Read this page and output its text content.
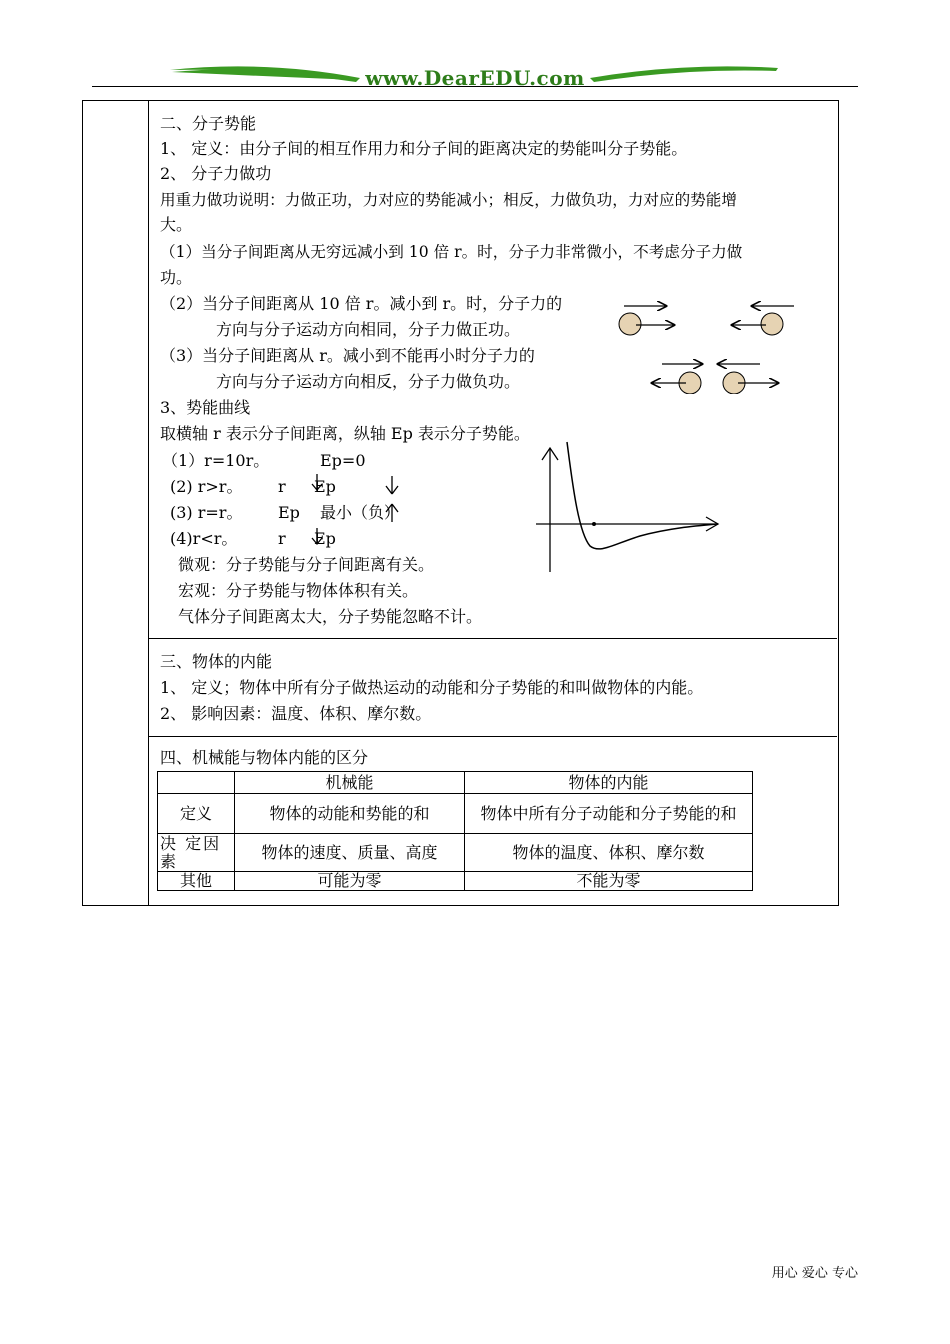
www.DearEDU.com
二、分子势能
1、 定义：由分子间的相互作用力和分子间的距离决定的势能叫分子势能。
2、 分子力做功
用重力做功说明：力做正功，力对应的势能减小；相反，力做负功，力对应的势能增
大。
（1）当分子间距离从无穷远减小到 10 倍 r。时，分子力非常微小，不考虑分子力做
功。
（2）当分子间距离从 10 倍 r。减小到 r。时，分子力的
方向与分子运动方向相同，分子力做正功。
（3）当分子间距离从 r。减小到不能再小时分子力的
方向与分子运动方向相反，分子力做负功。
3、势能曲线
取横轴 r 表示分子间距离，纵轴 Ep 表示分子势能。
（1）r=10r。	Ep=0
(2) r>r。 r Ep
(3) r=r。 Ep 最小（负）
(4)r<r。	r Ep
微观：分子势能与分子间距离有关。
宏观：分子势能与物体体积有关。
气体分子间距离太大，分子势能忽略不计。
三、物体的内能
1、 定义；物体中所有分子做热运动的动能和分子势能的和叫做物体的内能。
2、 影响因素：温度、体积、摩尔数。
四、机械能与物体内能的区分
	机械能	物体的内能
定义	物体的动能和势能的和	物体中所有分子动能和分子势能的和
决 定因素	物体的速度、质量、高度	物体的温度、体积、摩尔数
其他	可能为零	不能为零
用心 爱心 专心
